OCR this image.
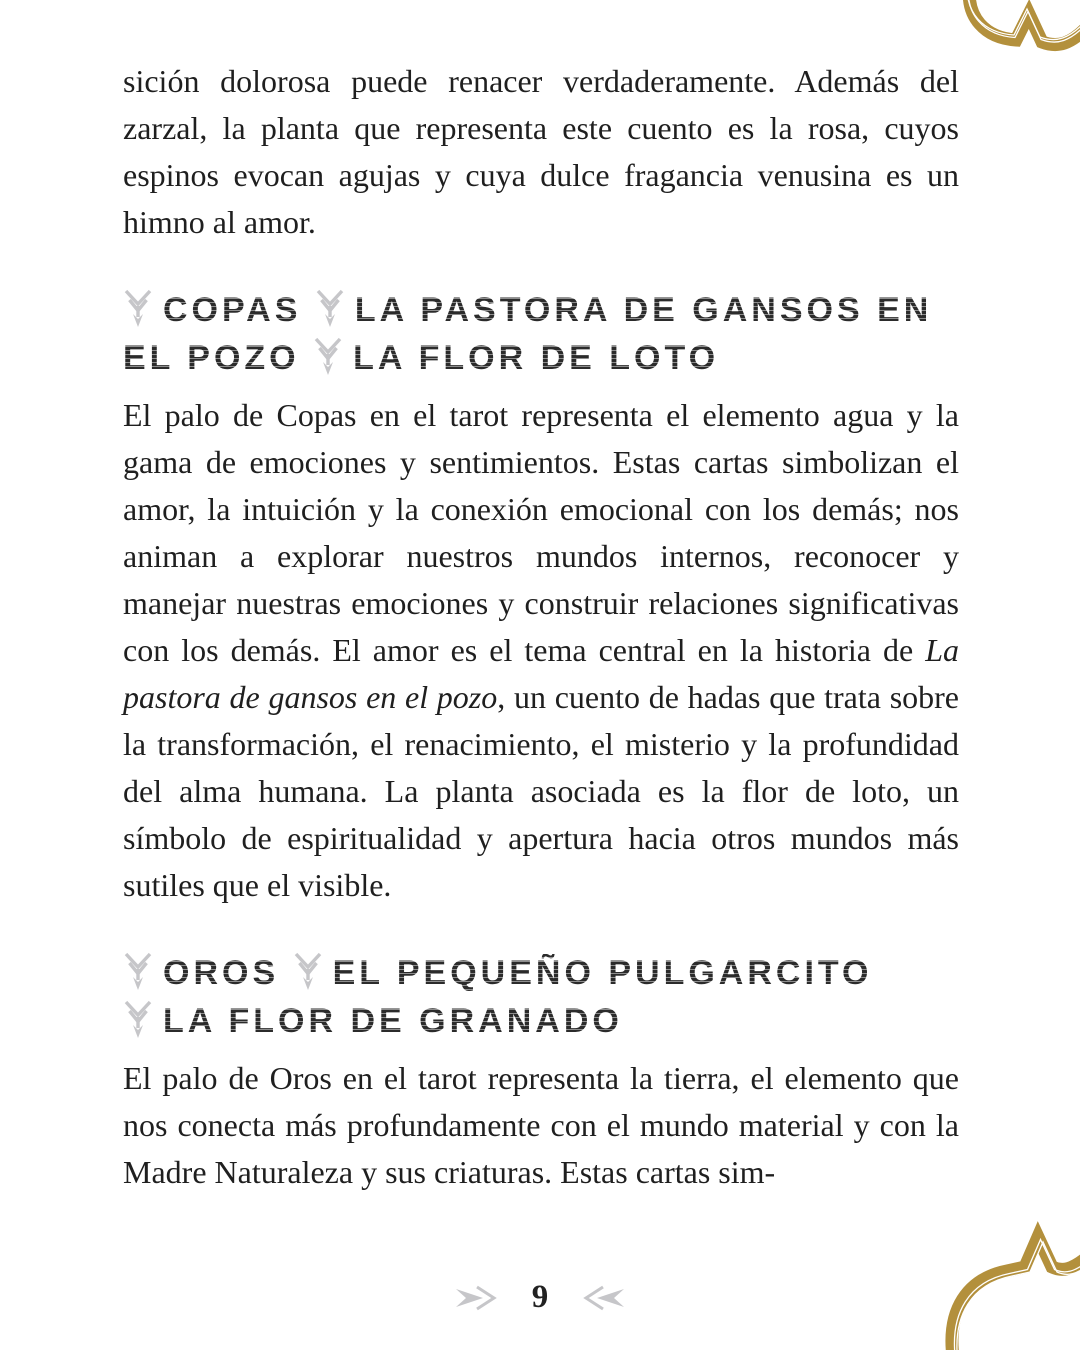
sición dolorosa puede renacer verdaderamente. Además del zarzal, la planta que representa este cuento es la rosa, cuyos espinos evocan agujas y cuya dulce fragancia venusina es un himno al amor.

COPAS LA PASTORA DE GANSOS EN EL POZO LA FLOR DE LOTO

El palo de Copas en el tarot representa el elemento agua y la gama de emociones y sentimientos. Estas cartas simbolizan el amor, la intuición y la conexión emocional con los demás; nos animan a explorar nuestros mundos internos, reconocer y manejar nuestras emociones y construir relaciones significativas con los demás. El amor es el tema central en la historia de La pastora de gansos en el pozo, un cuento de hadas que trata sobre la transformación, el renacimiento, el misterio y la profundidad del alma humana. La planta asociada es la flor de loto, un símbolo de espiritualidad y apertura hacia otros mundos más sutiles que el visible.

OROS EL PEQUEÑO PULGARCITO LA FLOR DE GRANADO

El palo de Oros en el tarot representa la tierra, el elemento que nos conecta más profundamente con el mundo material y con la Madre Naturaleza y sus criaturas. Estas cartas sim-

9
